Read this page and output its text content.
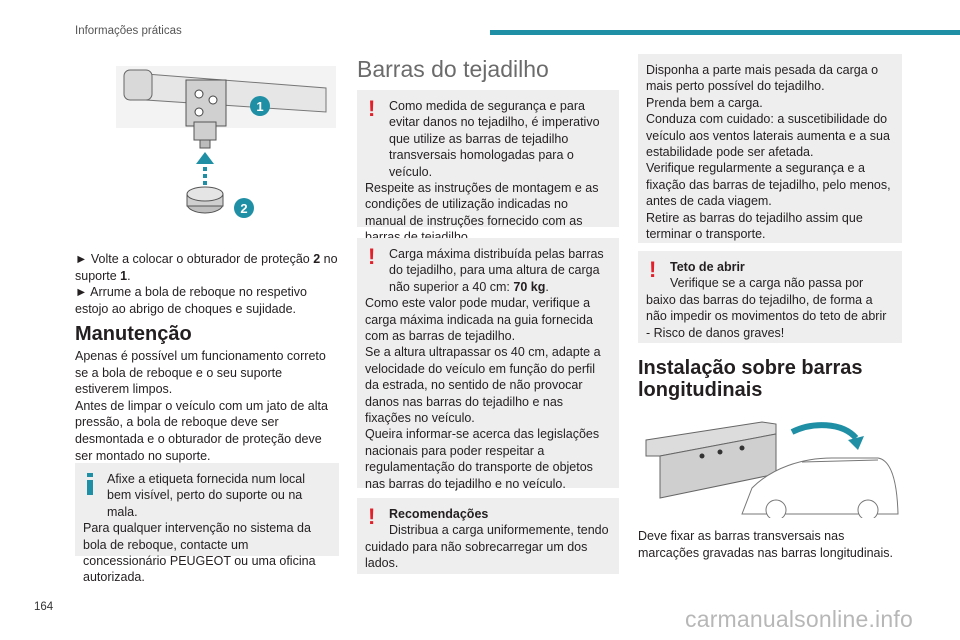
Informações práticas
1
2

► Volte a colocar o obturador de proteção 2 no suporte 1.
► Arrume a bola de reboque no respetivo estojo ao abrigo de choques e sujidade.

Manutenção

Apenas é possível um funcionamento correto se a bola de reboque e o seu suporte estiverem limpos.

Antes de limpar o veículo com um jato de alta pressão, a bola de reboque deve ser desmontada e o obturador de proteção deve ser montado no suporte.

Afixe a etiqueta fornecida num local bem visível, perto do suporte ou na mala.
Para qualquer intervenção no sistema da bola de reboque, contacte um concessionário PEUGEOT ou uma oficina autorizada.
Barras do tejadilho
!	Como medida de segurança e para evitar danos no tejadilho, é imperativo que utilize as barras de tejadilho transversais homologadas para o veículo.
Respeite as instruções de montagem e as condições de utilização indicadas no manual de instruções fornecido com as
!	Carga máxima distribuída pelas barras do tejadilho, para uma altura de carga não superior a 40 cm: 70 kg.
Como este valor pode mudar, verifique a carga máxima indicada na guia fornecida com as barras de tejadilho.
Se a altura ultrapassar os 40 cm, adapte a velocidade do veículo em função do perfil da estrada, no sentido de não provocar danos nas barras do tejadilho e nas fixações no veículo.
Queira informar-se acerca das legislações nacionais para poder respeitar a regulamentação do transporte de objetos nas barras do tejadilho e no veículo.
!	Recomendações
Distribua a carga uniformemente, tendo cuidado para não sobrecarregar um dos lados.
Disponha a parte mais pesada da carga o mais perto possível do tejadilho.
Prenda bem a carga.
Conduza com cuidado: a suscetibilidade do veículo aos ventos laterais aumenta e a sua estabilidade pode ser afetada.
Verifique regularmente a segurança e a fixação das barras de tejadilho, pelo menos, antes de cada viagem.
Retire as barras do tejadilho assim que terminar o transporte.
!	Teto de abrir
Verifique se a carga não passa por baixo das barras do tejadilho, de forma a não impedir os movimentos do teto de abrir - Risco de danos graves!
Instalação sobre barras longitudinais

Deve fixar as barras transversais nas marcações gravadas nas barras longitudinais.

164	carmanualsonline.info
